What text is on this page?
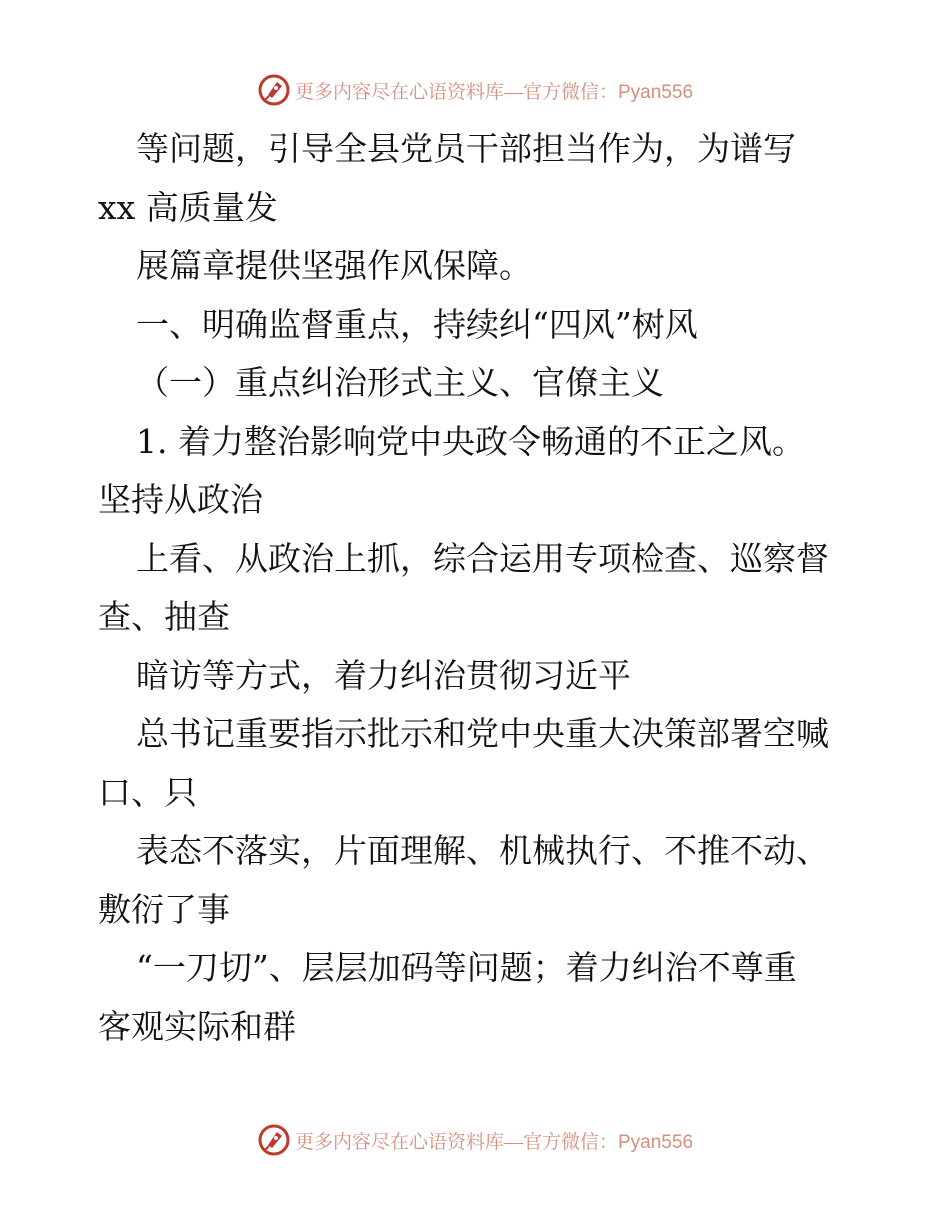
更多内容尽在心语资料库—官方微信：Pyan556
等问题，引导全县党员干部担当作为，为谱写
xx 高质量发
展篇章提供坚强作风保障。
一、明确监督重点，持续纠“四风”树风
（一）重点纠治形式主义、官僚主义
1. 着力整治影响党中央政令畅通的不正之风。
坚持从政治
上看、从政治上抓，综合运用专项检查、巡察督
查、抽查
暗访等方式，着力纠治贯彻习近平
总书记重要指示批示和党中央重大决策部署空喊
口、只
表态不落实，片面理解、机械执行、不推不动、
敷衍了事
“一刀切”、层层加码等问题；着力纠治不尊重
客观实际和群
更多内容尽在心语资料库—官方微信：Pyan556
